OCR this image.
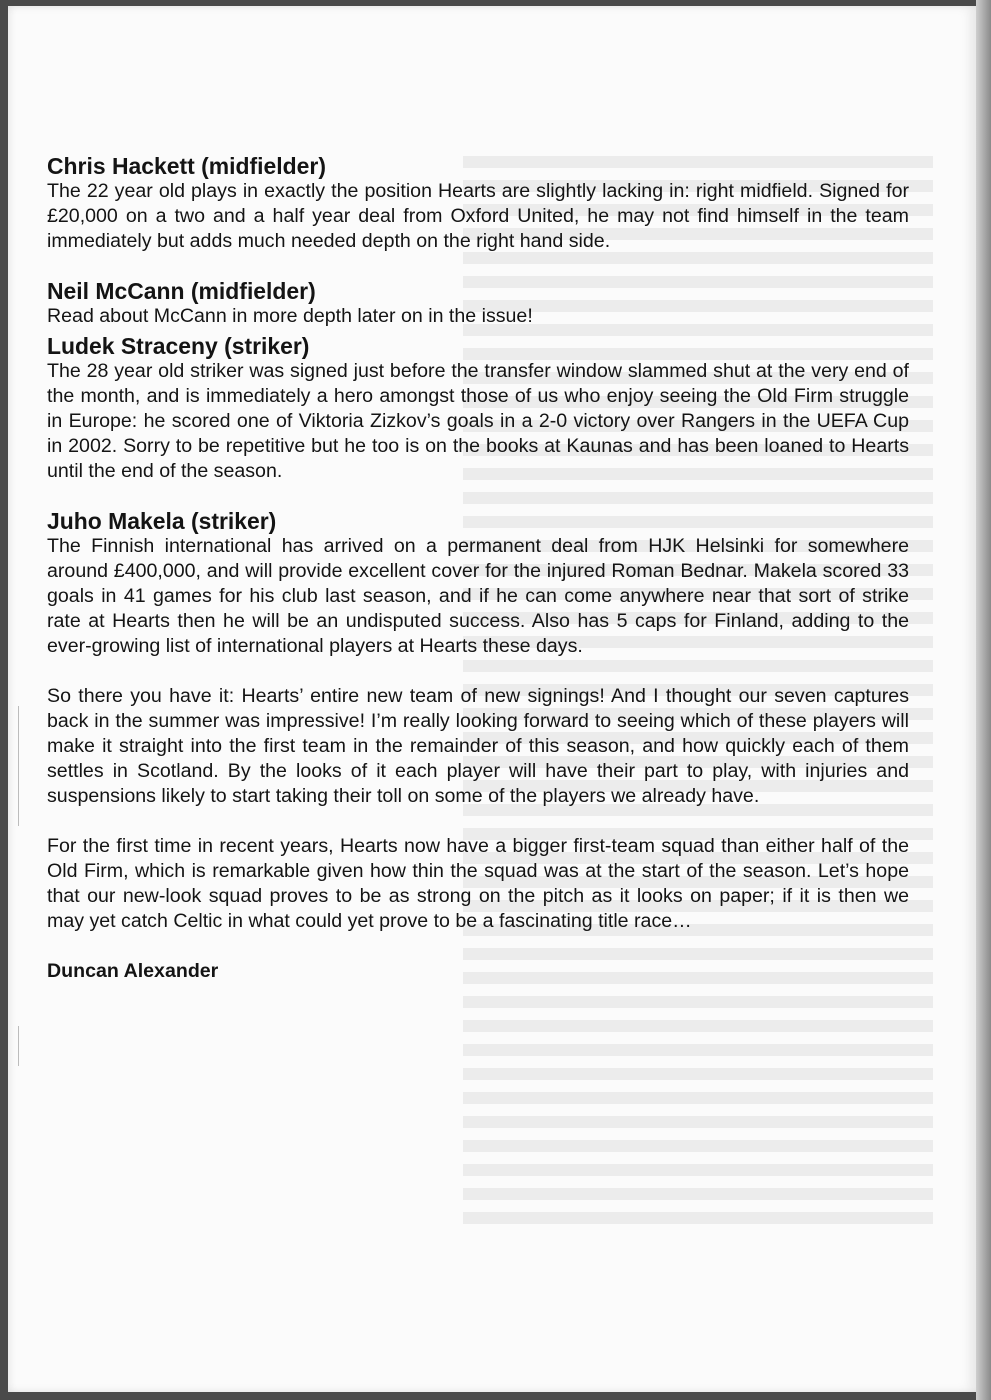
Chris Hackett (midfielder)

The 22 year old plays in exactly the position Hearts are slightly lacking in: right midfield. Signed for £20,000 on a two and a half year deal from Oxford United, he may not find himself in the team immediately but adds much needed depth on the right hand side.

Neil McCann (midfielder)

Read about McCann in more depth later on in the issue!

Ludek Straceny (striker)

The 28 year old striker was signed just before the transfer window slammed shut at the very end of the month, and is immediately a hero amongst those of us who enjoy seeing the Old Firm struggle in Europe: he scored one of Viktoria Zizkov’s goals in a 2-0 victory over Rangers in the UEFA Cup in 2002. Sorry to be repetitive but he too is on the books at Kaunas and has been loaned to Hearts until the end of the season.

Juho Makela (striker)

The Finnish international has arrived on a permanent deal from HJK Helsinki for somewhere around £400,000, and will provide excellent cover for the injured Roman Bednar. Makela scored 33 goals in 41 games for his club last season, and if he can come anywhere near that sort of strike rate at Hearts then he will be an undisputed success. Also has 5 caps for Finland, adding to the ever-growing list of international players at Hearts these days.

So there you have it: Hearts’ entire new team of new signings! And I thought our seven captures back in the summer was impressive! I’m really looking forward to seeing which of these players will make it straight into the first team in the remainder of this season, and how quickly each of them settles in Scotland. By the looks of it each player will have their part to play, with injuries and suspensions likely to start taking their toll on some of the players we already have.

For the first time in recent years, Hearts now have a bigger first-team squad than either half of the Old Firm, which is remarkable given how thin the squad was at the start of the season. Let’s hope that our new-look squad proves to be as strong on the pitch as it looks on paper; if it is then we may yet catch Celtic in what could yet prove to be a fascinating title race…

Duncan Alexander
